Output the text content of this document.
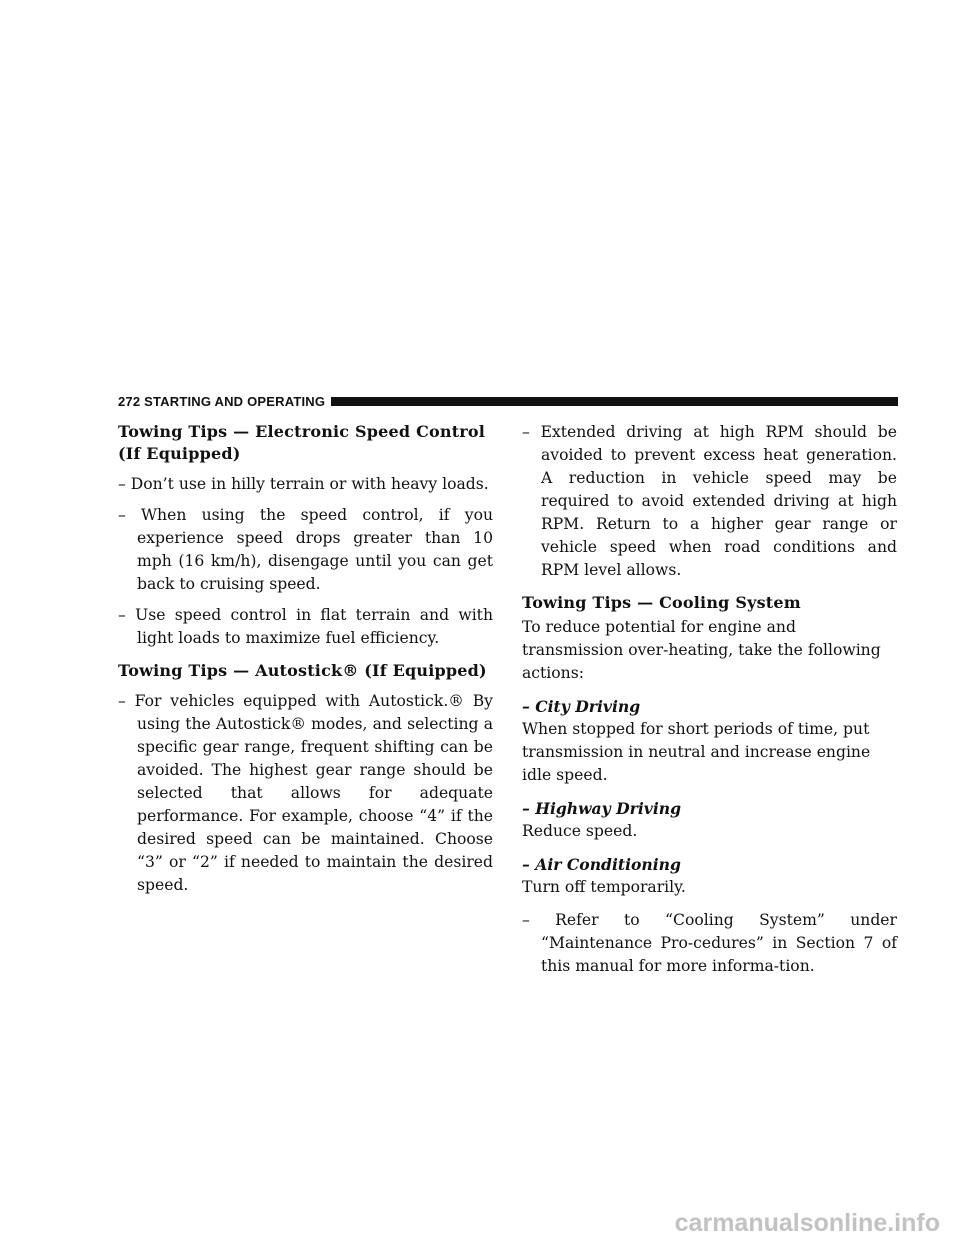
272 STARTING AND OPERATING
Towing Tips — Electronic Speed Control (If Equipped)

– Don’t use in hilly terrain or with heavy loads.

– When using the speed control, if you experience speed drops greater than 10 mph (16 km/h), disengage until you can get back to cruising speed.

– Use speed control in flat terrain and with light loads to maximize fuel efficiency.

Towing Tips — Autostick® (If Equipped)

– For vehicles equipped with Autostick.® By using the Autostick® modes, and selecting a specific gear range, frequent shifting can be avoided. The highest gear range should be selected that allows for adequate performance. For example, choose “4” if the desired speed can be maintained. Choose “3” or “2” if needed to maintain the desired speed.

– Extended driving at high RPM should be avoided to prevent excess heat generation. A reduction in vehicle speed may be required to avoid extended driving at high RPM. Return to a higher gear range or vehicle speed when road conditions and RPM level allows.

Towing Tips — Cooling System

To reduce potential for engine and transmission over-heating, take the following actions:

– City Driving

When stopped for short periods of time, put transmission in neutral and increase engine idle speed.

– Highway Driving

Reduce speed.

– Air Conditioning

Turn off temporarily.

– Refer to “Cooling System” under “Maintenance Pro-cedures” in Section 7 of this manual for more informa-tion.

carmanualsonline.info
